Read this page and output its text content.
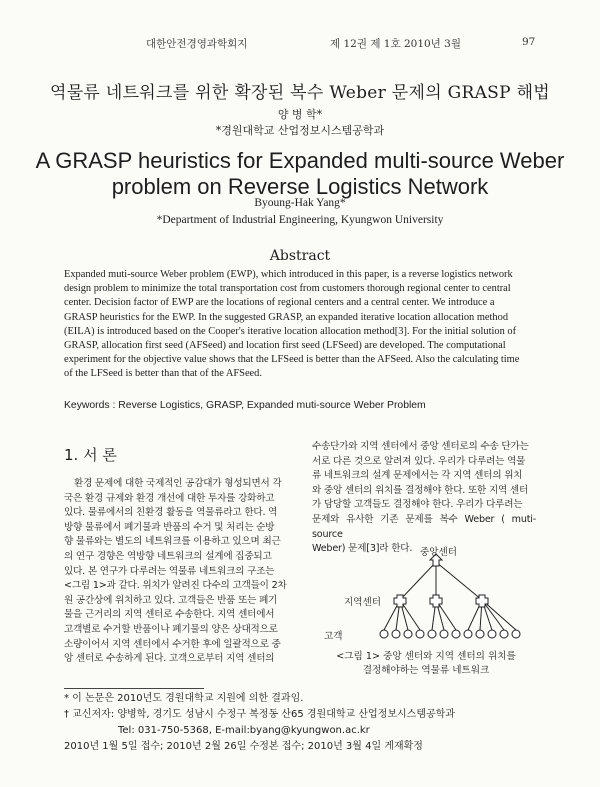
대한안전경영과학회지	제 12권 제 1호 2010년 3월	97
역물류 네트워크를 위한 확장된 복수 Weber 문제의 GRASP 해법
양 병 학*
*경원대학교 산업정보시스템공학과
A GRASP heuristics for Expanded multi-source Weber
problem on Reverse Logistics Network
Byoung-Hak Yang*
*Department of Industrial Engineering, Kyungwon University
Abstract
Expanded muti-source Weber problem (EWP), which introduced in this paper, is a reverse logistics network
design problem to minimize the total transportation cost from customers thorough regional center to central
center. Decision factor of EWP are the locations of regional centers and a central center. We introduce a
GRASP heuristics for the EWP. In the suggested GRASP, an expanded iterative location allocation method
(EILA) is introduced based on the Cooper's iterative location allocation method[3]. For the initial solution of
GRASP, allocation first seed (AFSeed) and location first seed (LFSeed) are developed. The computational
experiment for the objective value shows that the LFSeed is better than the AFSeed. Also the calculating time
of the LFSeed is better than that of the AFSeed.
Keywords : Reverse Logistics, GRASP, Expanded muti-source Weber Problem
1. 서 론
환경 문제에 대한 국제적인 공감대가 형성되면서 각
국은 환경 규제와 환경 개선에 대한 투자를 강화하고
있다. 물류에서의 친환경 활동을 역물류라고 한다. 역
방향 물류에서 폐기물과 반품의 수거 및 처리는 순방
향 물류와는 별도의 네트워크를 이용하고 있으며 최근
의 연구 경향은 역방향 네트워크의 설계에 집중되고
있다. 본 연구가 다루려는 역물류 네트워크의 구조는
<그림 1>과 같다. 위치가 알려진 다수의 고객들이 2차
원 공간상에 위치하고 있다. 고객들은 반품 또는 폐기
물을 근거리의 지역 센터로 수송한다. 지역 센터에서
고객별로 수거할 반품이나 폐기물의 양은 상대적으로
소량이어서 지역 센터에서 수거한 후에 일괄적으로 중
앙 센터로 수송하게 된다. 고객으로부터 지역 센터의
수송단가와 지역 센터에서 중앙 센터로의 수송 단가는
서로 다른 것으로 알려져 있다. 우리가 다루려는 역물
류 네트워크의 설계 문제에서는 각 지역 센터의 위치
와 중앙 센터의 위치를 결정해야 한다. 또한 지역 센터
가 담당할 고객들도 결정해야 한다. 우리가 다루려는
문제와 유사한 기존 문제를 복수 Weber ( muti-source
Weber) 문제[3]라 한다. 중앙센터
지역센터
고객
<그림 1> 중앙 센터와 지역 센터의 위치를
결정해야하는 역물류 네트워크
* 이 논문은 2010년도 경원대학교 지원에 의한 결과임.
† 교신저자: 양병학, 경기도 성남시 수정구 복정동 산65 경원대학교 산업정보시스템공학과
Tel: 031-750-5368, E-mail:byang@kyungwon.ac.kr
2010년 1월 5일 접수; 2010년 2월 26일 수정본 접수; 2010년 3월 4일 게재확정
